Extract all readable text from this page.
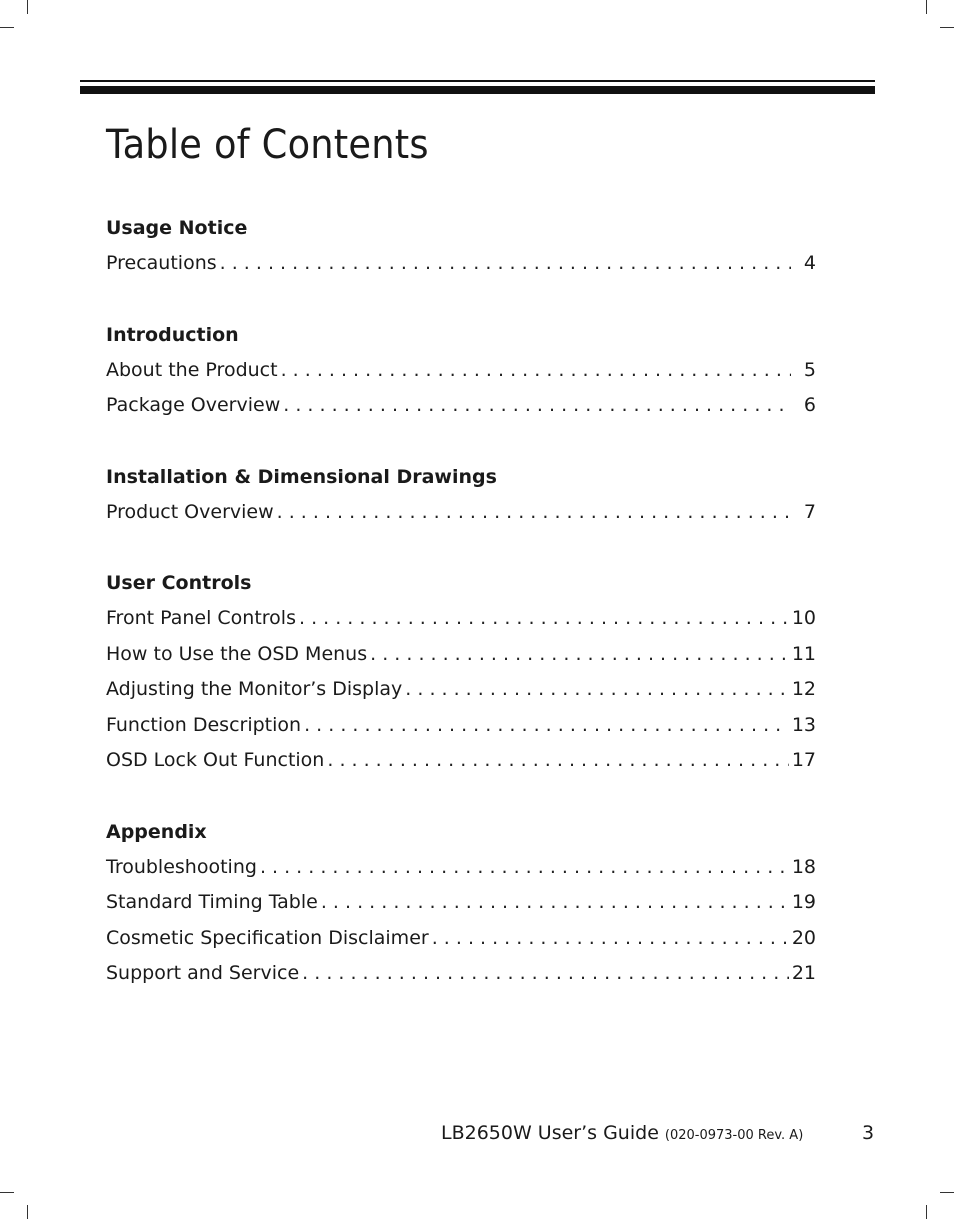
Table of Contents
Usage Notice
Precautions . . .	4
Introduction
About the Product . . .	5
Package Overview . . .	6
Installation & Dimensional Drawings
Product Overview . . .	7
User Controls
Front Panel Controls . . .	10
How to Use the OSD Menus . . .	11
Adjusting the Monitor’s Display . . .	12
Function Description . . .	13
OSD Lock Out Function . . .	17
Appendix
Troubleshooting . . .	18
Standard Timing Table . . .	19
Cosmetic Specification Disclaimer . . .	20
Support and Service . . .	21
LB2650W User’s Guide (020-0973-00 Rev. A)	3
